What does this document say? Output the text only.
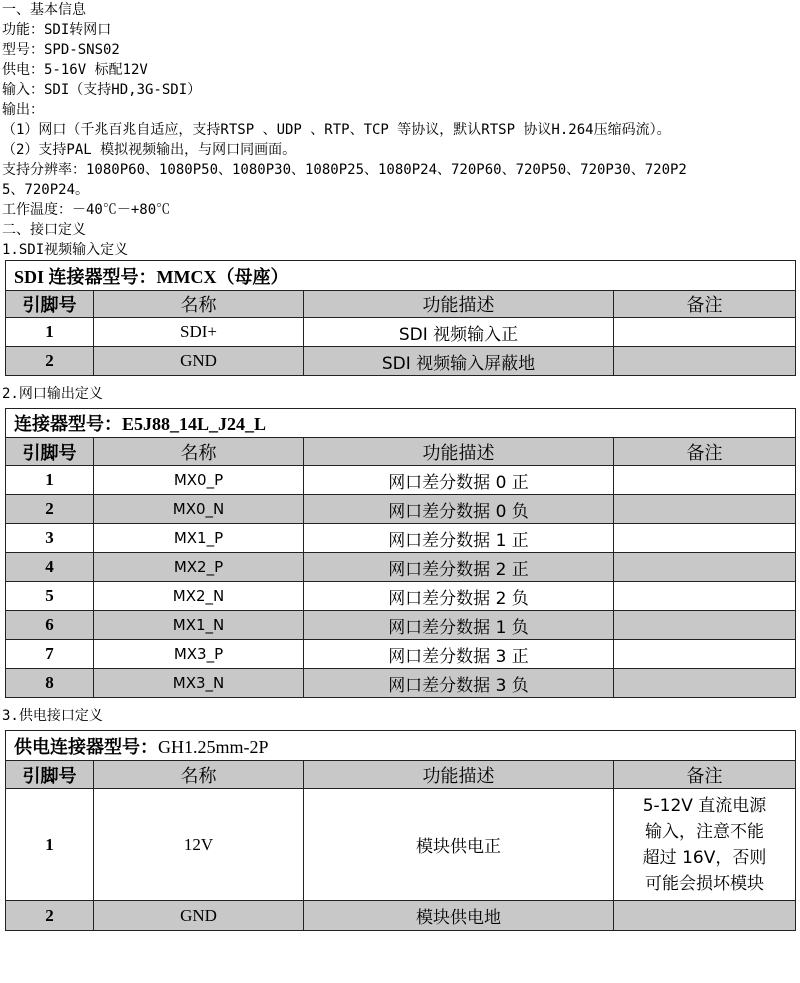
一、基本信息
功能：SDI转网口
型号：SPD-SNS02
供电：5-16V 标配12V
输入：SDI（支持HD,3G-SDI）
输出：
（1）网口（千兆百兆自适应，支持RTSP 、UDP 、RTP、TCP 等协议，默认RTSP 协议H.264压缩码流）。
（2）支持PAL 模拟视频输出，与网口同画面。
支持分辨率：1080P60、1080P50、1080P30、1080P25、1080P24、720P60、720P50、720P30、720P2
5、720P24。
工作温度：－40℃－+80℃
二、接口定义
1.SDI视频输入定义
SDI 连接器型号：MMCX（母座）			
引脚号	名称	功能描述	备注
1	SDI+	SDI 视频输入正	
2	GND	SDI 视频输入屏蔽地	
2.网口输出定义
连接器型号：E5J88_14L_J24_L			
引脚号	名称	功能描述	备注
1	MX0_P	网口差分数据 0 正	
2	MX0_N	网口差分数据 0 负	
3	MX1_P	网口差分数据 1 正	
4	MX2_P	网口差分数据 2 正	
5	MX2_N	网口差分数据 2 负	
6	MX1_N	网口差分数据 1 负	
7	MX3_P	网口差分数据 3 正	
8	MX3_N	网口差分数据 3 负	
3.供电接口定义
供电连接器型号：GH1.25mm-2P			
引脚号	名称	功能描述	备注
1	12V	模块供电正	5-12V 直流电源
输入，注意不能
超过 16V，否则
可能会损坏模块

2	GND	模块供电地	
